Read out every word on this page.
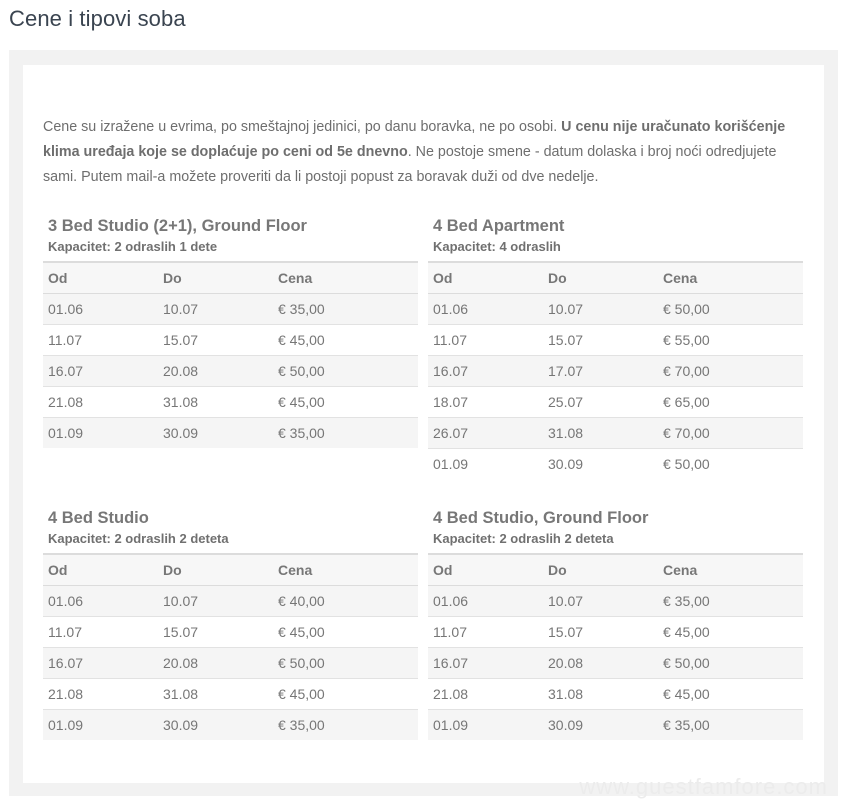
Cene i tipovi soba

Cene su izražene u evrima, po smeštajnoj jedinici, po danu boravka, ne po osobi. U cenu nije uračunato korišćenje klima uređaja koje se doplaćuje po ceni od 5e dnevno. Ne postoje smene - datum dolaska i broj noći odredjujete sami. Putem mail-a možete proveriti da li postoji popust za boravak duži od dve nedelje.

3 Bed Studio (2+1), Ground Floor
Kapacitet: 2 odraslih 1 dete
Od	Do	Cena
01.06	10.07	€ 35,00
11.07	15.07	€ 45,00
16.07	20.08	€ 50,00
21.08	31.08	€ 45,00
01.09	30.09	€ 35,00
4 Bed Apartment
Kapacitet: 4 odraslih
Od	Do	Cena
01.06	10.07	€ 50,00
11.07	15.07	€ 55,00
16.07	17.07	€ 70,00
18.07	25.07	€ 65,00
26.07	31.08	€ 70,00
01.09	30.09	€ 50,00
4 Bed Studio
Kapacitet: 2 odraslih 2 deteta
Od	Do	Cena
01.06	10.07	€ 40,00
11.07	15.07	€ 45,00
16.07	20.08	€ 50,00
21.08	31.08	€ 45,00
01.09	30.09	€ 35,00
4 Bed Studio, Ground Floor
Kapacitet: 2 odraslih 2 deteta
Od	Do	Cena
01.06	10.07	€ 35,00
11.07	15.07	€ 45,00
16.07	20.08	€ 50,00
21.08	31.08	€ 45,00
01.09	30.09	€ 35,00
www.guestfamfore.com
